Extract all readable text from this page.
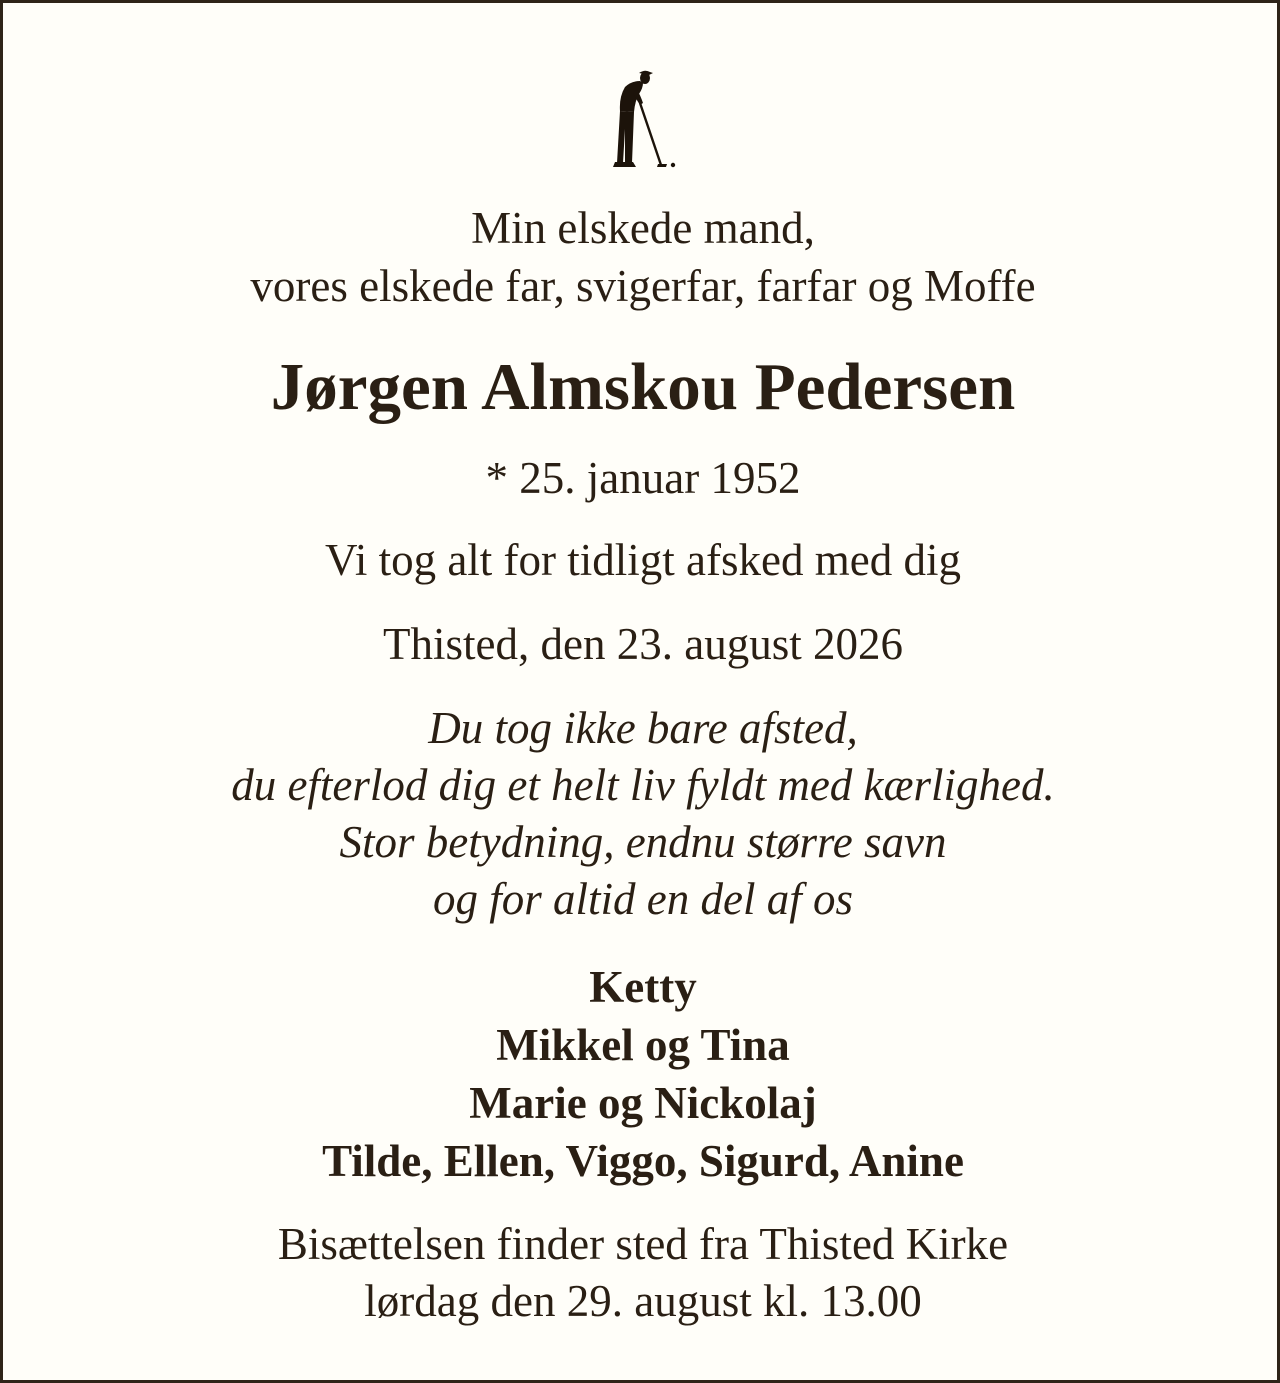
Min elskede mand,
vores elskede far, svigerfar, farfar og Moffe
Jørgen Almskou Pedersen
* 25. januar 1952
Vi tog alt for tidligt afsked med dig
Thisted, den 23. august 2026
Du tog ikke bare afsted,
du efterlod dig et helt liv fyldt med kærlighed.
Stor betydning, endnu større savn
og for altid en del af os
Ketty
Mikkel og Tina
Marie og Nickolaj
Tilde, Ellen, Viggo, Sigurd, Anine
Bisættelsen finder sted fra Thisted Kirke
lørdag den 29. august kl. 13.00
